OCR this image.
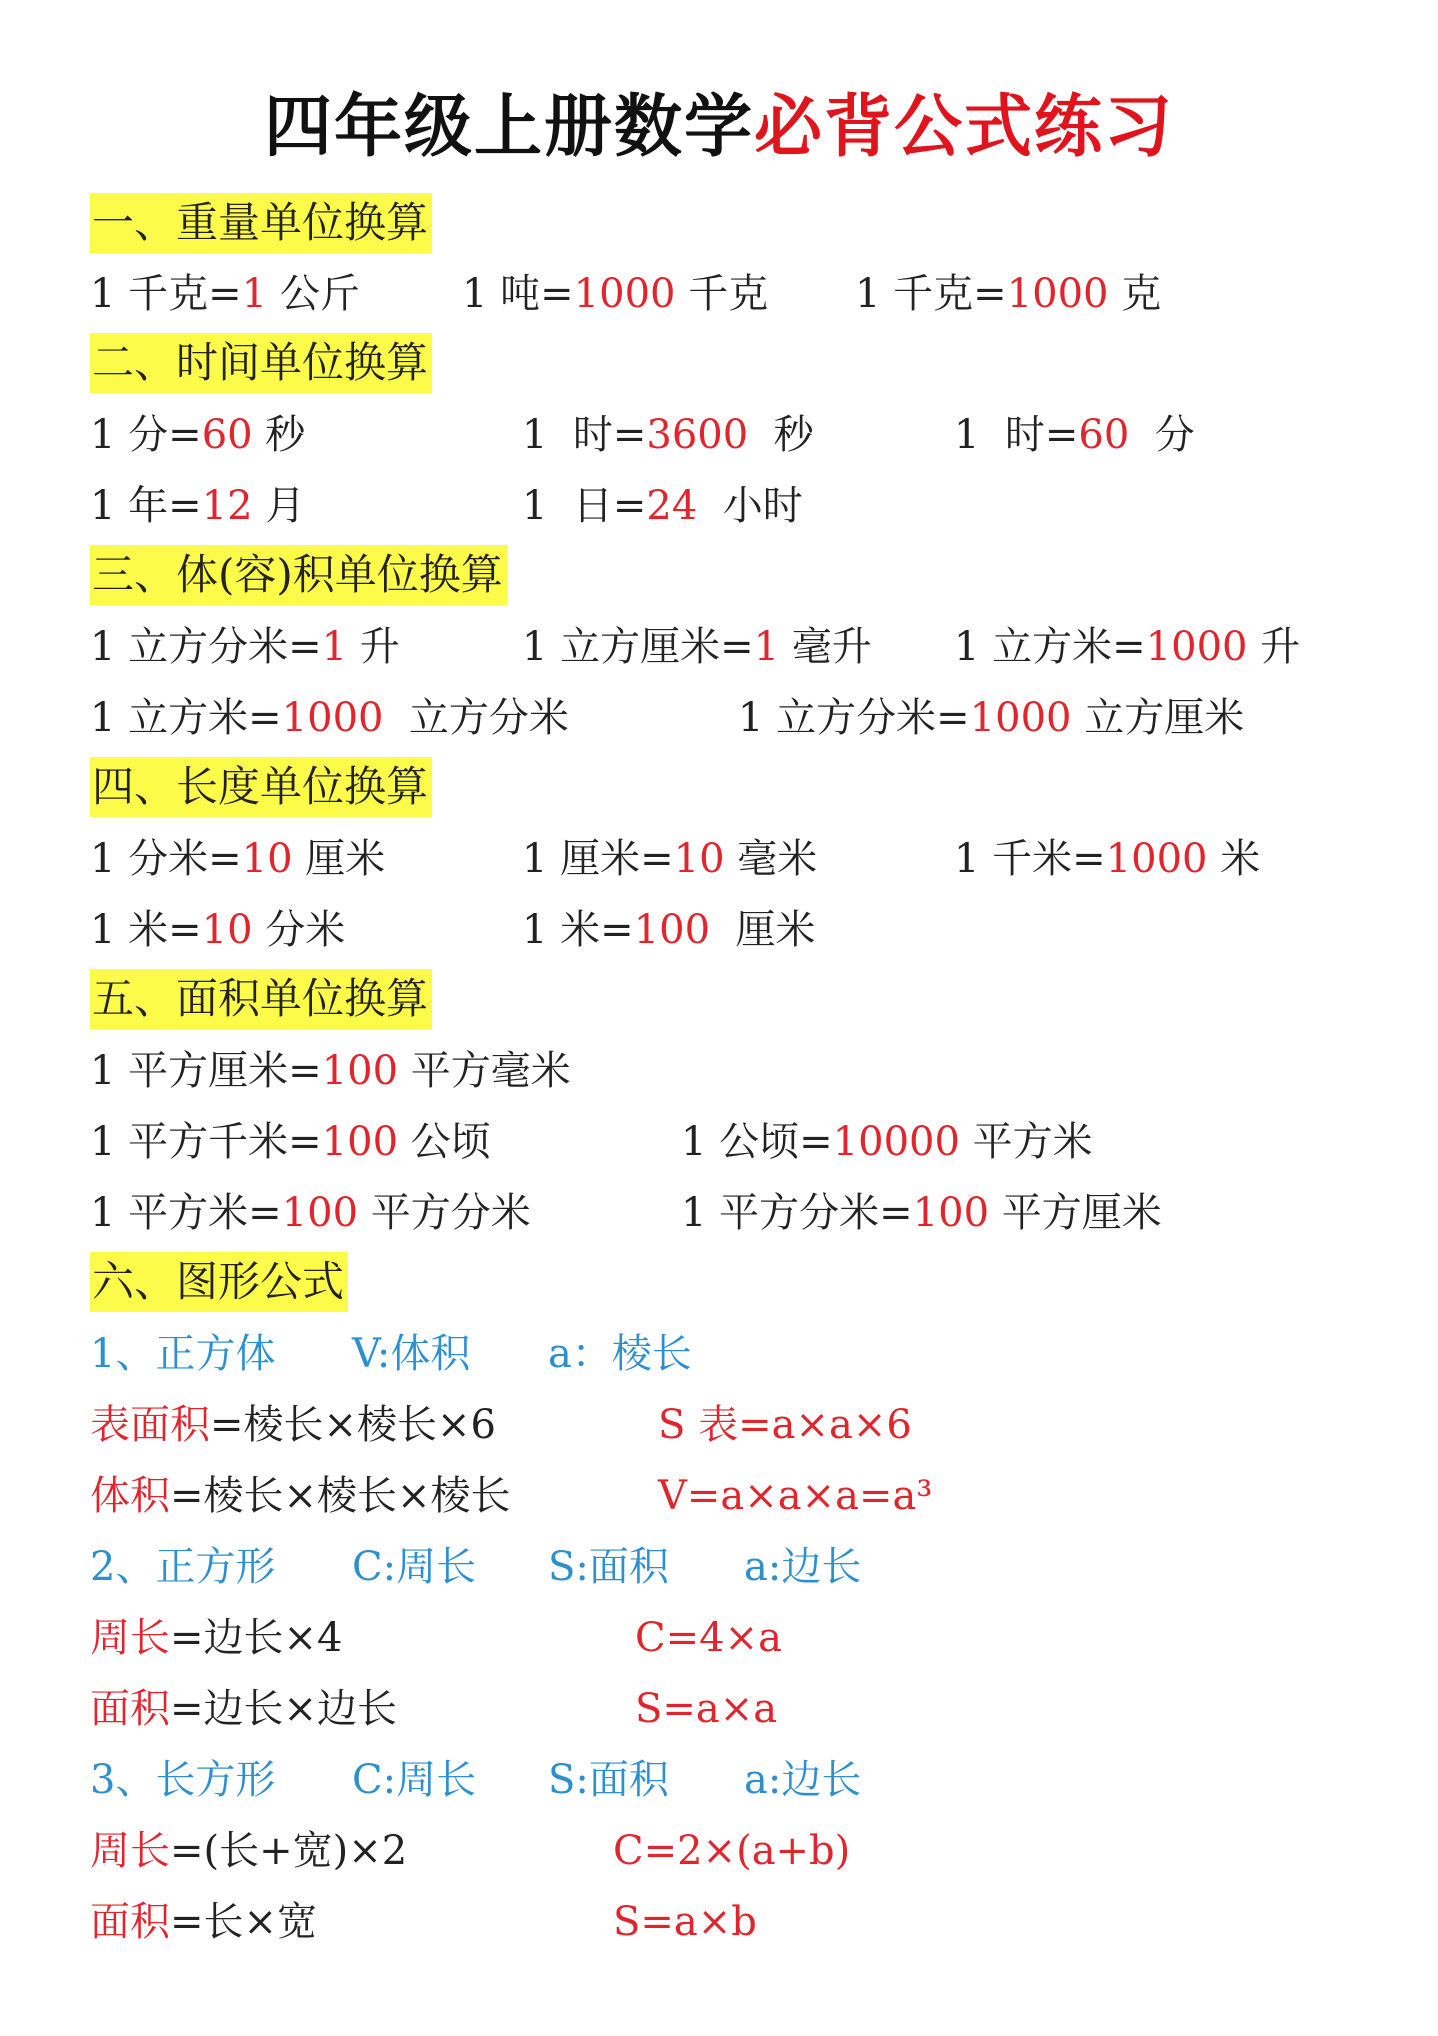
四年级上册数学必背公式练习
一、重量单位换算
1 千克=1 公斤	1 吨=1000 千克 1 千克=1000 克
二、时间单位换算
1 分=60 秒	1  时=3600  秒	1  时=60  分
1 年=12 月	1  日=24  小时
三、体(容)积单位换算
1 立方分米=1 升	1 立方厘米=1 毫升 1 立方米=1000 升
1 立方米=1000  立方分米	1 立方分米=1000 立方厘米
四、长度单位换算
1 分米=10 厘米	1 厘米=10 毫米	1 千米=1000 米
1 米=10 分米	1 米=100  厘米
五、面积单位换算
1 平方厘米=100 平方毫米
1 平方千米=100 公顷	1 公顷=10000 平方米
1 平方米=100 平方分米	1 平方分米=100 平方厘米
六、图形公式
1、正方体 V:体积 a：棱长
表面积=棱长×棱长×6	S 表=a×a×6
体积=棱长×棱长×棱长	V=a×a×a=a³
2、正方形 C:周长 S:面积 a:边长
周长=边长×4	C=4×a
面积=边长×边长	S=a×a
3、长方形 C:周长 S:面积 a:边长
周长=(长+宽)×2	C=2×(a+b)
面积=长×宽	S=a×b
